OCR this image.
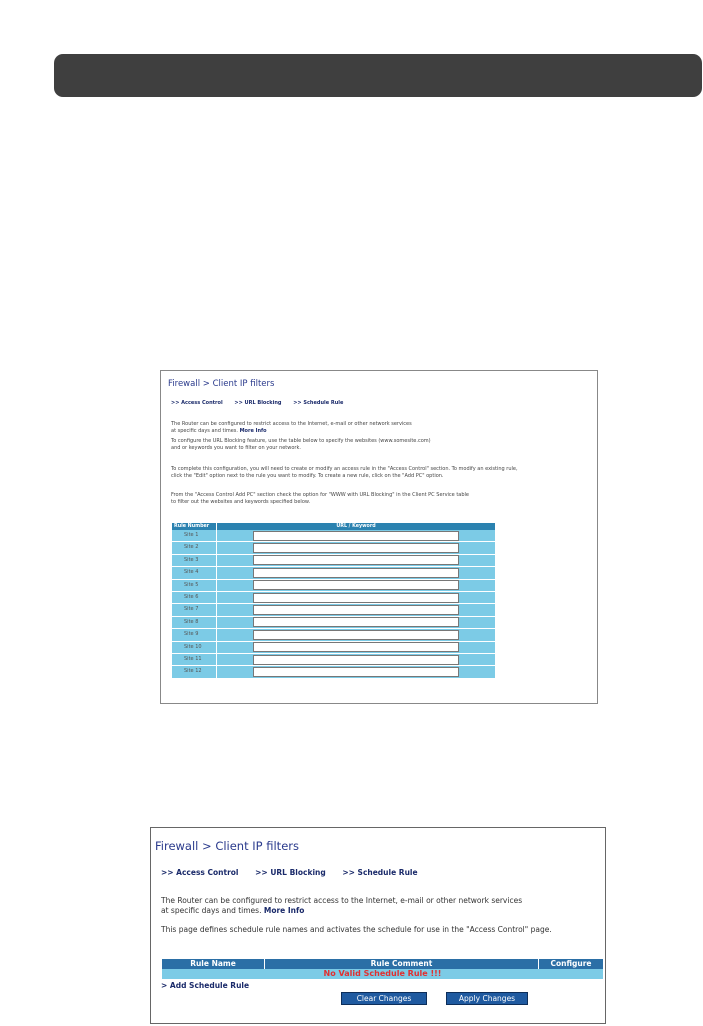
Firewall > Client IP filters
>> Access Control >> URL Blocking >> Schedule Rule
The Router can be configured to restrict access to the Internet, e-mail or other network services
at specific days and times. More Info
To configure the URL Blocking feature, use the table below to specify the websites (www.somesite.com)
and or keywords you want to filter on your network.
To complete this configuration, you will need to create or modify an access rule in the "Access Control" section. To modify an existing rule,
click the "Edit" option next to the rule you want to modify. To create a new rule, click on the "Add PC" option.
From the "Access Control Add PC" section check the option for "WWW with URL Blocking" in the Client PC Service table
to filter out the websites and keywords specified below.
Rule Number	URL / Keyword
Site 1
Site 2
Site 3
Site 4
Site 5
Site 6
Site 7
Site 8
Site 9
Site 10
Site 11
Site 12
Firewall > Client IP filters
>> Access Control >> URL Blocking >> Schedule Rule
The Router can be configured to restrict access to the Internet, e-mail or other network services
at specific days and times. More Info
This page defines schedule rule names and activates the schedule for use in the "Access Control" page.
Rule Name	Rule Comment	Configure
No Valid Schedule Rule !!!
> Add Schedule Rule
Clear Changes	Apply Changes
